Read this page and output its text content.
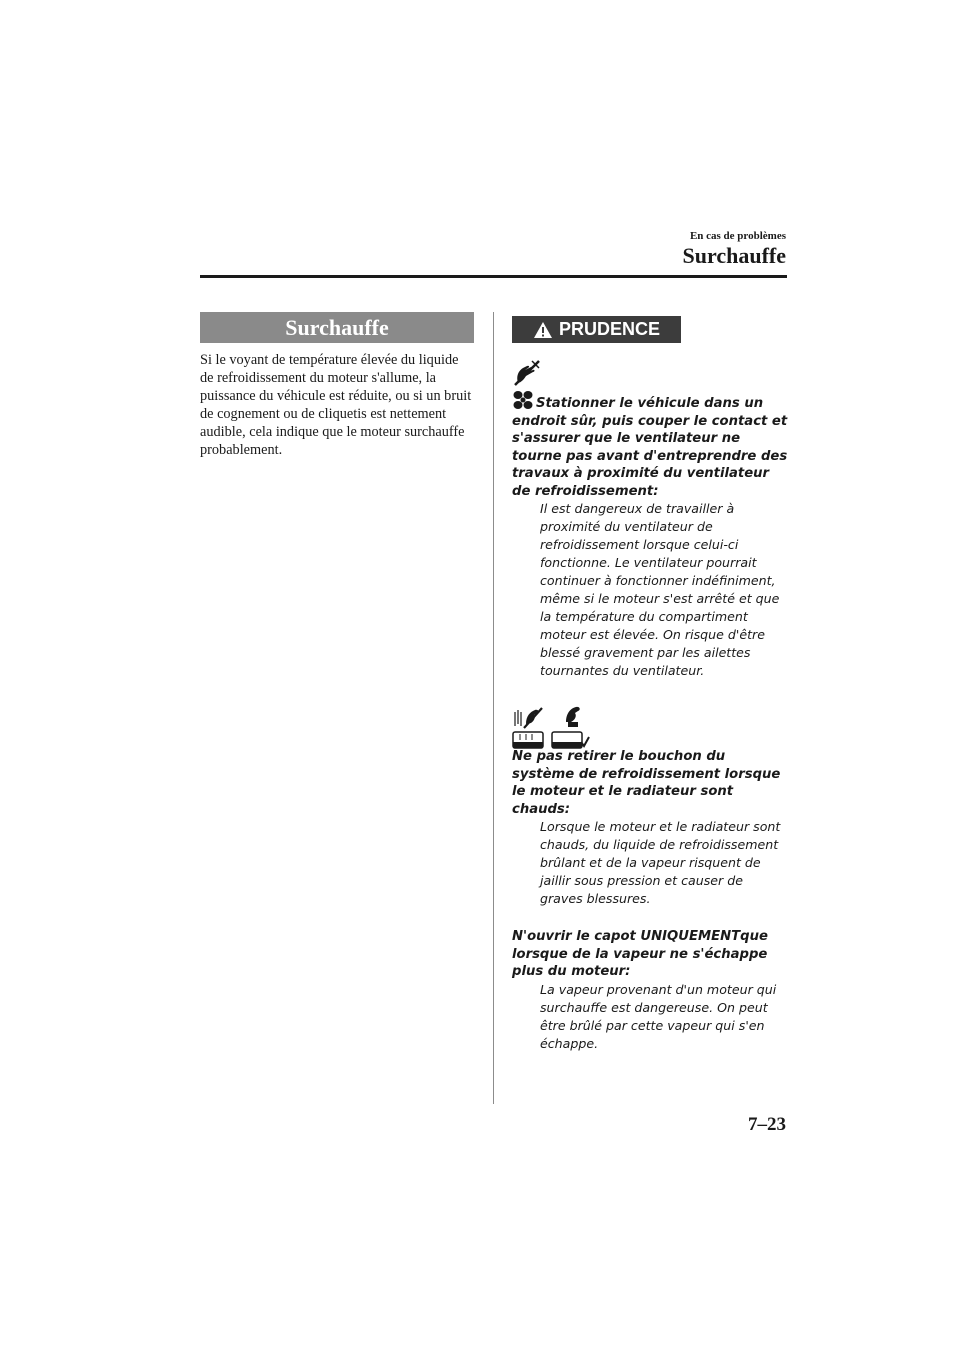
En cas de problèmes
Surchauffe
Surchauffe
Si le voyant de température élevée du liquide de refroidissement du moteur s'allume, la puissance du véhicule est réduite, ou si un bruit de cognement ou de cliquetis est nettement audible, cela indique que le moteur surchauffe probablement.
PRUDENCE
Stationner le véhicule dans un endroit sûr, puis couper le contact et s'assurer que le ventilateur ne tourne pas avant d'entreprendre des travaux à proximité du ventilateur de refroidissement:
Il est dangereux de travailler à proximité du ventilateur de refroidissement lorsque celui-ci fonctionne. Le ventilateur pourrait continuer à fonctionner indéfiniment, même si le moteur s'est arrêté et que la température du compartiment moteur est élevée. On risque d'être blessé gravement par les ailettes tournantes du ventilateur.
Ne pas retirer le bouchon du système de refroidissement lorsque le moteur et le radiateur sont chauds:
Lorsque le moteur et le radiateur sont chauds, du liquide de refroidissement brûlant et de la vapeur risquent de jaillir sous pression et causer de graves blessures.
N'ouvrir le capot UNIQUEMENTque lorsque de la vapeur ne s'échappe plus du moteur:
La vapeur provenant d'un moteur qui surchauffe est dangereuse. On peut être brûlé par cette vapeur qui s'en échappe.
7–23
